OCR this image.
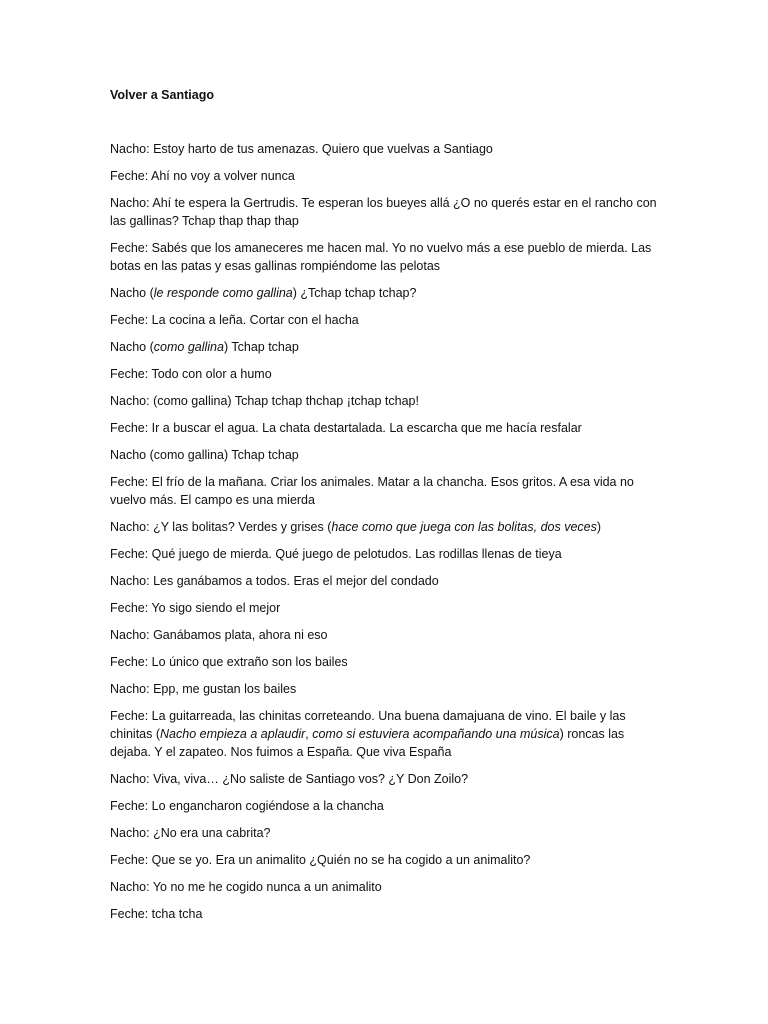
Volver a Santiago

Nacho: Estoy harto de tus amenazas. Quiero que vuelvas a Santiago

Feche: Ahí no voy a volver nunca

Nacho: Ahí te espera la Gertrudis. Te esperan los bueyes allá ¿O no querés estar en el rancho con las gallinas? Tchap thap thap thap

Feche: Sabés que los amaneceres me hacen mal. Yo no vuelvo más a ese pueblo de mierda. Las botas en las patas y esas gallinas rompiéndome las pelotas

Nacho (le responde como gallina) ¿Tchap tchap tchap?

Feche: La cocina a leña. Cortar con el hacha

Nacho (como gallina) Tchap tchap

Feche: Todo con olor a humo

Nacho: (como gallina) Tchap tchap thchap ¡tchap tchap!

Feche: Ir a buscar el agua. La chata destartalada. La escarcha que me hacía resfalar

Nacho (como gallina) Tchap tchap

Feche: El frío de la mañana. Criar los animales. Matar a la chancha. Esos gritos. A esa vida no vuelvo más. El campo es una mierda

Nacho: ¿Y las bolitas? Verdes y grises (hace como que juega con las bolitas, dos veces)

Feche: Qué juego de mierda. Qué juego de pelotudos. Las rodillas llenas de tieya

Nacho: Les ganábamos a todos. Eras el mejor del condado

Feche: Yo sigo siendo el mejor

Nacho: Ganábamos plata, ahora ni eso

Feche: Lo único que extraño son los bailes

Nacho: Epp, me gustan los bailes

Feche: La guitarreada, las chinitas correteando. Una buena damajuana de vino. El baile y las chinitas (Nacho empieza a aplaudir, como si estuviera acompañando una música) roncas las dejaba. Y el zapateo. Nos fuimos a España. Que viva España

Nacho: Viva, viva… ¿No saliste de Santiago vos? ¿Y Don Zoilo?

Feche: Lo engancharon cogiéndose a la chancha

Nacho: ¿No era una cabrita?

Feche: Que se yo. Era un animalito ¿Quién no se ha cogido a un animalito?

Nacho: Yo no me he cogido nunca a un animalito

Feche: tcha tcha
